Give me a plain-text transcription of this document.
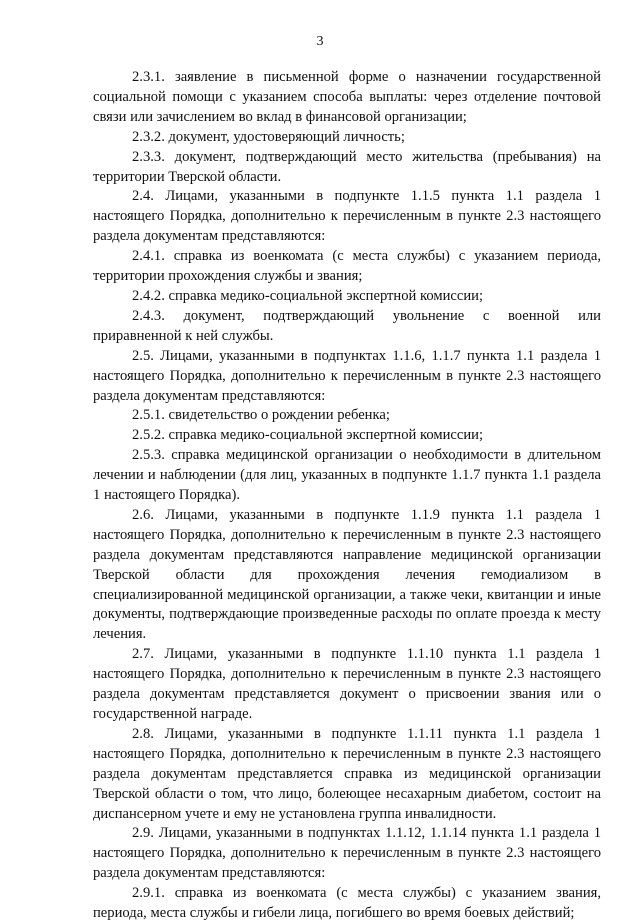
3

2.3.1. заявление в письменной форме о назначении государственной социальной помощи с указанием способа выплаты: через отделение почтовой связи или зачислением во вклад в финансовой организации;

2.3.2. документ, удостоверяющий личность;

2.3.3. документ, подтверждающий место жительства (пребывания) на территории Тверской области.

2.4. Лицами, указанными в подпункте 1.1.5 пункта 1.1 раздела 1 настоящего Порядка, дополнительно к перечисленным в пункте 2.3 настоящего раздела документам представляются:

2.4.1. справка из военкомата (с места службы) с указанием периода, территории прохождения службы и звания;

2.4.2. справка медико-социальной экспертной комиссии;

2.4.3. документ, подтверждающий увольнение с военной или приравненной к ней службы.

2.5. Лицами, указанными в подпунктах 1.1.6, 1.1.7 пункта 1.1 раздела 1 настоящего Порядка, дополнительно к перечисленным в пункте 2.3 настоящего раздела документам представляются:

2.5.1. свидетельство о рождении ребенка;

2.5.2. справка медико-социальной экспертной комиссии;

2.5.3. справка медицинской организации о необходимости в длительном лечении и наблюдении (для лиц, указанных в подпункте 1.1.7 пункта 1.1 раздела 1 настоящего Порядка).

2.6. Лицами, указанными в подпункте 1.1.9 пункта 1.1 раздела 1 настоящего Порядка, дополнительно к перечисленным в пункте 2.3 настоящего раздела документам представляются направление медицинской организации Тверской области для прохождения лечения гемодиализом в специализированной медицинской организации, а также чеки, квитанции и иные документы, подтверждающие произведенные расходы по оплате проезда к месту лечения.

2.7. Лицами, указанными в подпункте 1.1.10 пункта 1.1 раздела 1 настоящего Порядка, дополнительно к перечисленным в пункте 2.3 настоящего раздела документам представляется документ о присвоении звания или о государственной награде.

2.8. Лицами, указанными в подпункте 1.1.11 пункта 1.1 раздела 1 настоящего Порядка, дополнительно к перечисленным в пункте 2.3 настоящего раздела документам представляется справка из медицинской организации Тверской области о том, что лицо, болеющее несахарным диабетом, состоит на диспансерном учете и ему не установлена группа инвалидности.

2.9. Лицами, указанными в подпунктах 1.1.12, 1.1.14 пункта 1.1 раздела 1 настоящего Порядка, дополнительно к перечисленным в пункте 2.3 настоящего раздела документам представляются:

2.9.1. справка из военкомата (с места службы) с указанием звания, периода, места службы и гибели лица, погибшего во время боевых действий;
